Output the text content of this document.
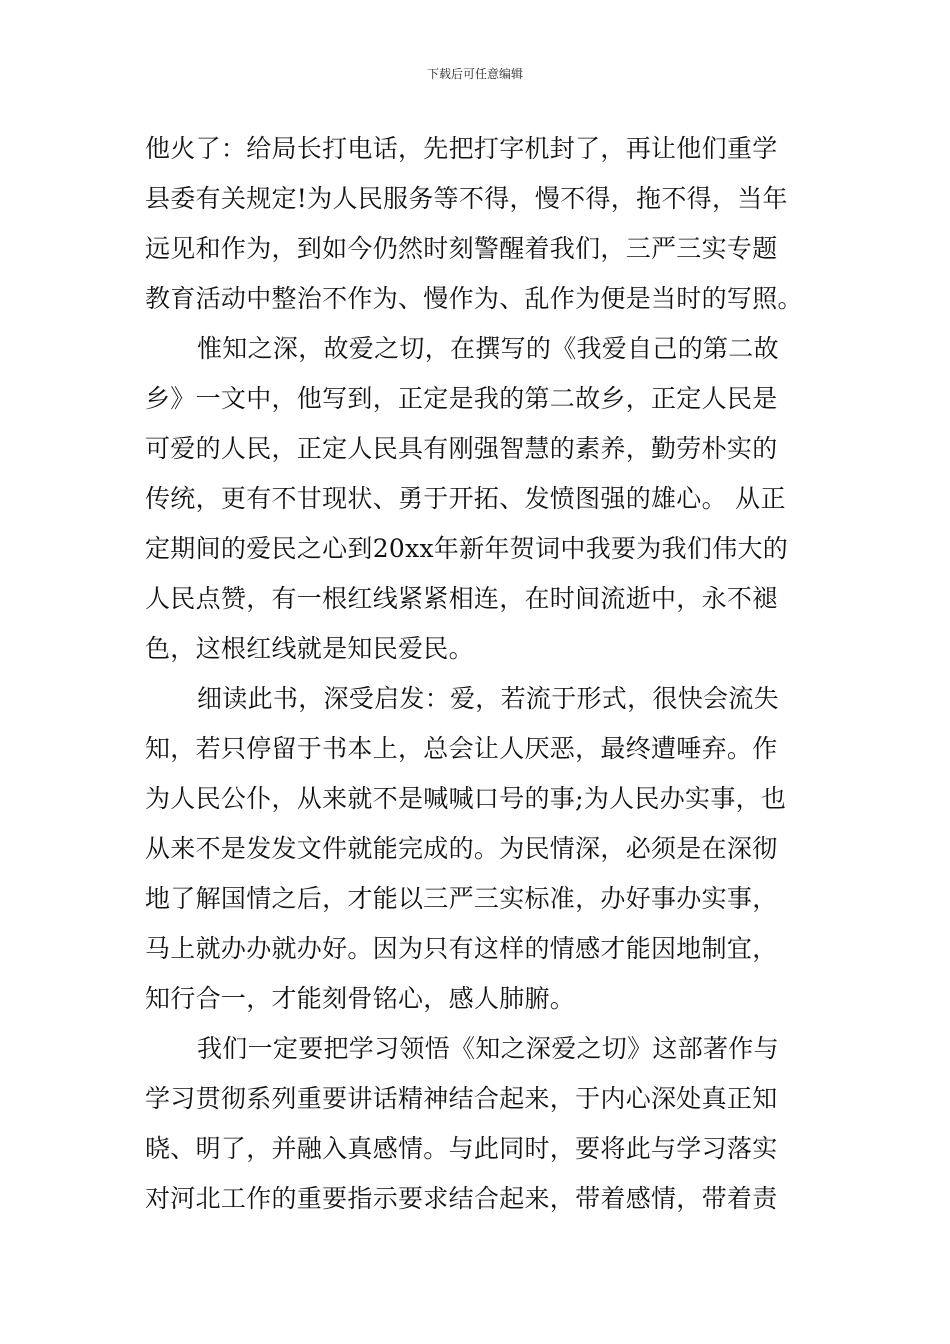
下载后可任意编辑
他火了：给局长打电话，先把打字机封了，再让他们重学
县委有关规定!为人民服务等不得，慢不得，拖不得，当年
远见和作为，到如今仍然时刻警醒着我们，三严三实专题
教育活动中整治不作为、慢作为、乱作为便是当时的写照。
惟知之深，故爱之切，在撰写的《我爱自己的第二故
乡》一文中，他写到，正定是我的第二故乡，正定人民是
可爱的人民，正定人民具有刚强智慧的素养，勤劳朴实的
传统，更有不甘现状、勇于开拓、发愤图强的雄心。 从正
定期间的爱民之心到20xx年新年贺词中我要为我们伟大的
人民点赞，有一根红线紧紧相连，在时间流逝中，永不褪
色，这根红线就是知民爱民。
细读此书，深受启发：爱，若流于形式，很快会流失
知，若只停留于书本上，总会让人厌恶，最终遭唾弃。作
为人民公仆，从来就不是喊喊口号的事;为人民办实事，也
从来不是发发文件就能完成的。为民情深，必须是在深彻
地了解国情之后，才能以三严三实标准，办好事办实事，
马上就办办就办好。因为只有这样的情感才能因地制宜，
知行合一，才能刻骨铭心，感人肺腑。
我们一定要把学习领悟《知之深爱之切》这部著作与
学习贯彻系列重要讲话精神结合起来，于内心深处真正知
晓、明了，并融入真感情。与此同时，要将此与学习落实
对河北工作的重要指示要求结合起来，带着感情，带着责
